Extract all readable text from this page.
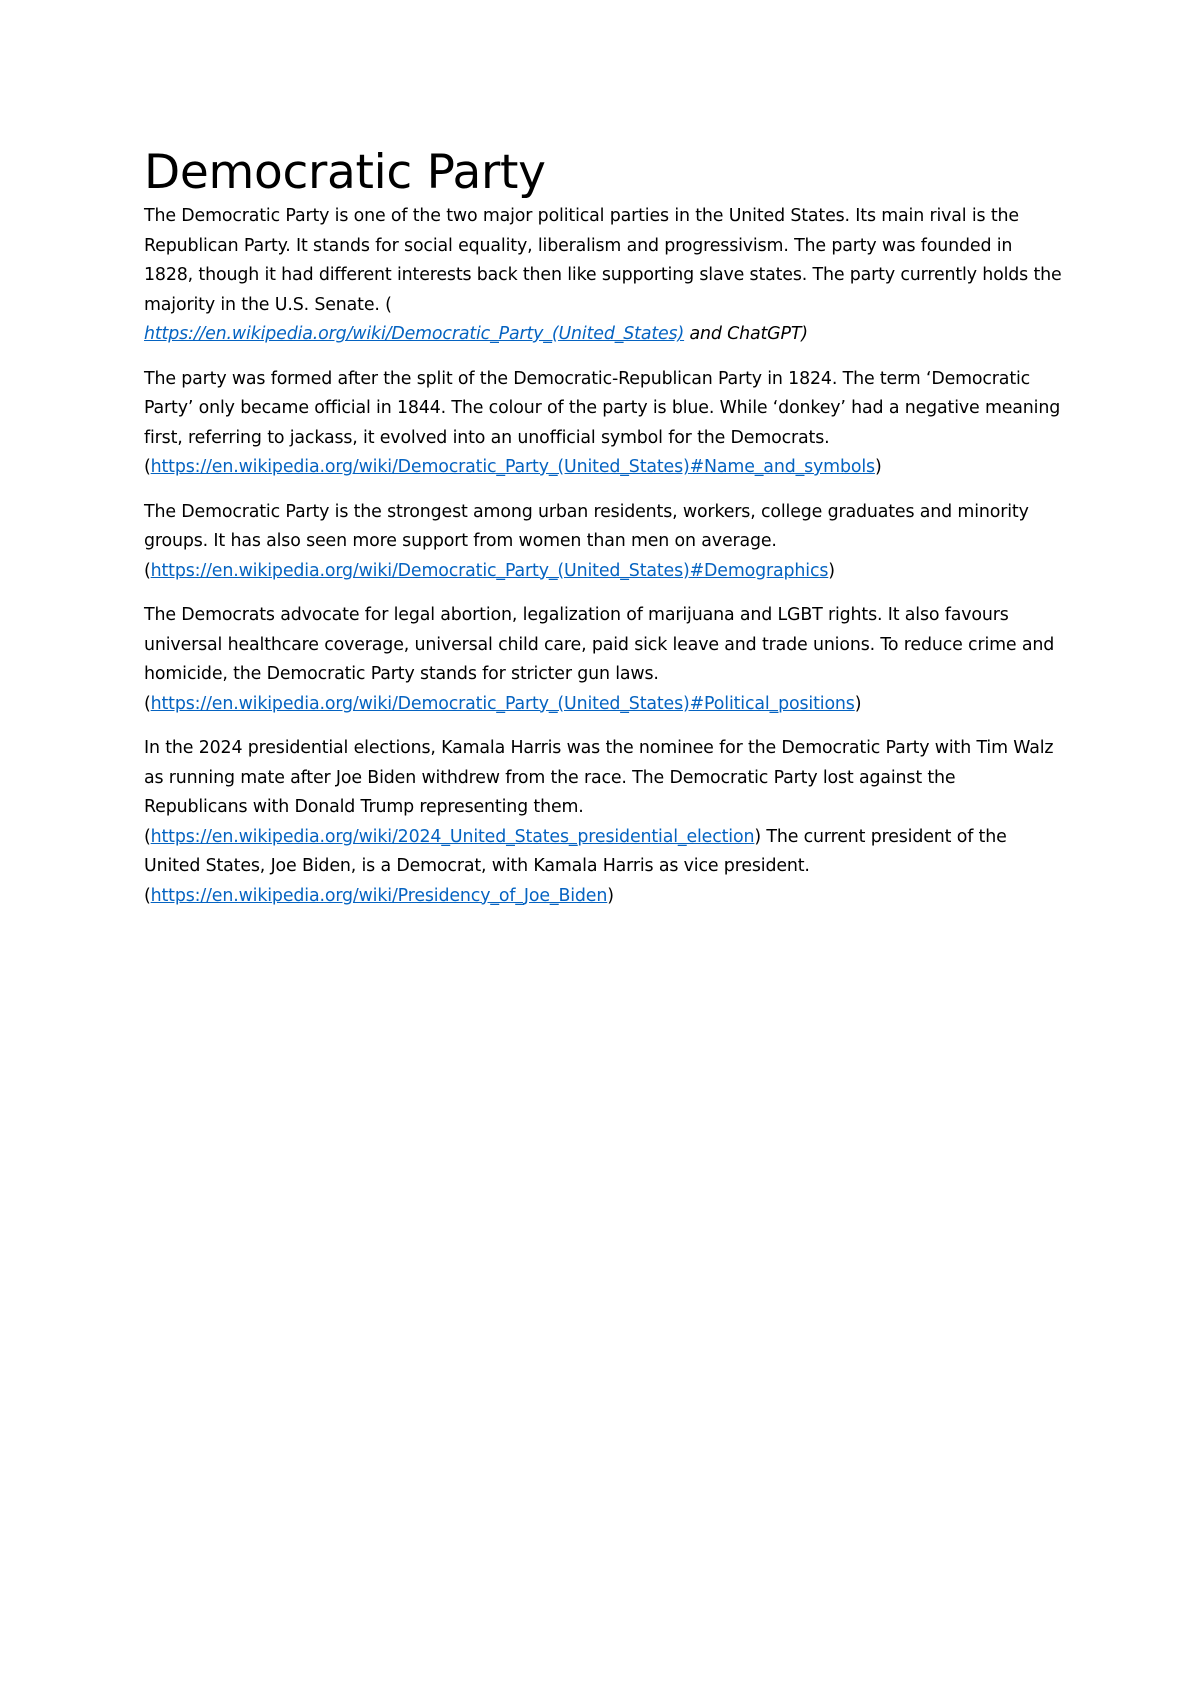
Democratic Party

The Democratic Party is one of the two major political parties in the United States. Its main rival is the Republican Party. It stands for social equality, liberalism and progressivism. The party was founded in 1828, though it had different interests back then like supporting slave states. The party currently holds the majority in the U.S. Senate. (
https://en.wikipedia.org/wiki/Democratic_Party_(United_States) and ChatGPT)

The party was formed after the split of the Democratic-Republican Party in 1824. The term ‘Democratic Party’ only became official in 1844. The colour of the party is blue. While ‘donkey’ had a negative meaning first, referring to jackass, it evolved into an unofficial symbol for the Democrats.
(https://en.wikipedia.org/wiki/Democratic_Party_(United_States)#Name_and_symbols)

The Democratic Party is the strongest among urban residents, workers, college graduates and minority groups. It has also seen more support from women than men on average.
(https://en.wikipedia.org/wiki/Democratic_Party_(United_States)#Demographics)

The Democrats advocate for legal abortion, legalization of marijuana and LGBT rights. It also favours universal healthcare coverage, universal child care, paid sick leave and trade unions. To reduce crime and homicide, the Democratic Party stands for stricter gun laws.
(https://en.wikipedia.org/wiki/Democratic_Party_(United_States)#Political_positions)

In the 2024 presidential elections, Kamala Harris was the nominee for the Democratic Party with Tim Walz as running mate after Joe Biden withdrew from the race. The Democratic Party lost against the Republicans with Donald Trump representing them.
(https://en.wikipedia.org/wiki/2024_United_States_presidential_election) The current president of the United States, Joe Biden, is a Democrat, with Kamala Harris as vice president.
(https://en.wikipedia.org/wiki/Presidency_of_Joe_Biden)
